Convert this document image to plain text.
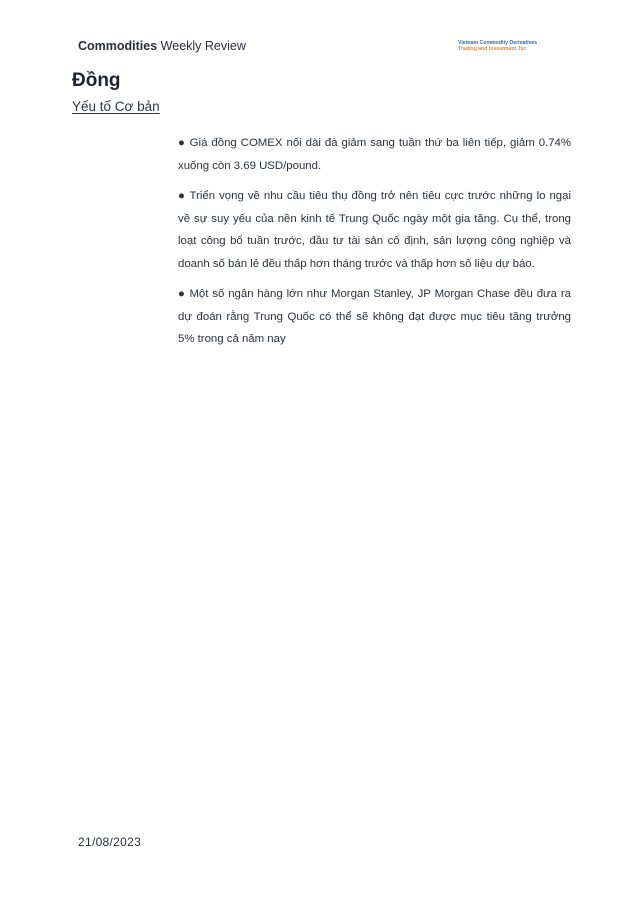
Commodities Weekly Review	Vietnam Commodity Derivatives
Trading and Investment Jsc
Đồng
Yếu tố Cơ bản

● Giá đồng COMEX nối dài đà giảm sang tuần thứ ba liên tiếp, giảm 0.74% xuống còn 3.69 USD/pound.

● Triển vọng về nhu cầu tiêu thụ đồng trở nên tiêu cực trước những lo ngại về sự suy yếu của nền kinh tế Trung Quốc ngày một gia tăng. Cụ thể, trong loạt công bố tuần trước, đầu tư tài sản cố định, sản lượng công nghiệp và doanh số bán lẻ đều thấp hơn tháng trước và thấp hơn số liệu dự báo.

● Một số ngân hàng lớn như Morgan Stanley, JP Morgan Chase đều đưa ra dự đoán rằng Trung Quốc có thể sẽ không đạt được mục tiêu tăng trưởng 5% trong cả năm nay

21/08/2023
